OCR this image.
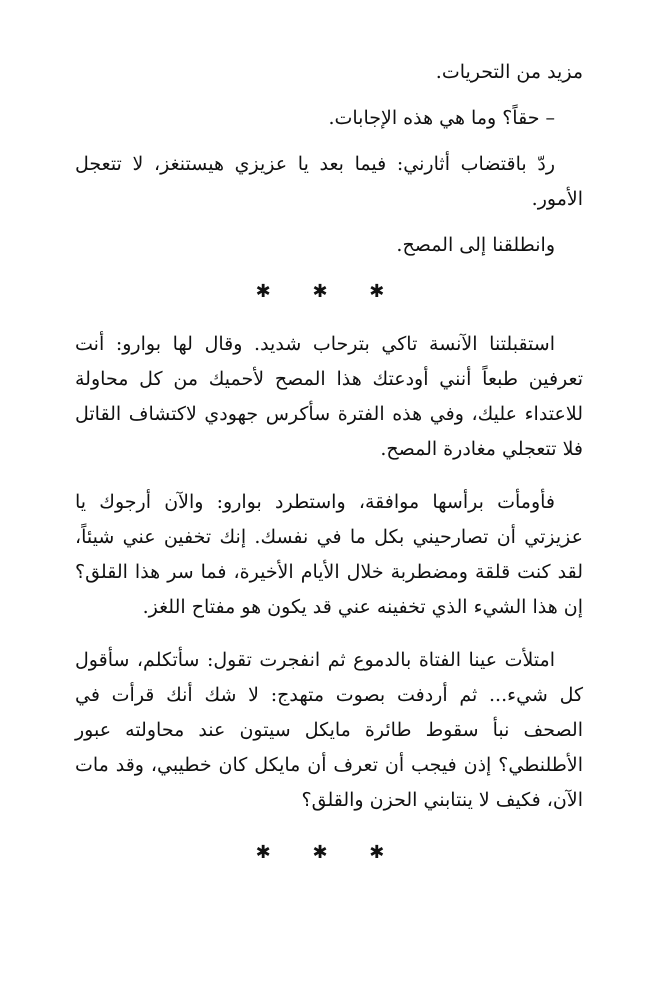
مزيد من التحريات.

– حقاً؟ وما هي هذه الإجابات.

ردّ باقتضاب أثارني: فيما بعد يا عزيزي هيستنغز، لا تتعجل الأمور.

وانطلقنا إلى المصح.

✱ ✱ ✱

استقبلتنا الآنسة تاكي بترحاب شديد. وقال لها بوارو: أنت تعرفين طبعاً أنني أودعتك هذا المصح لأحميك من كل محاولة للاعتداء عليك، وفي هذه الفترة سأكرس جهودي لاكتشاف القاتل فلا تتعجلي مغادرة المصح.

فأومأت برأسها موافقة، واستطرد بوارو: والآن أرجوك يا عزيزتي أن تصارحيني بكل ما في نفسك. إنك تخفين عني شيئاً، لقد كنت قلقة ومضطربة خلال الأيام الأخيرة، فما سر هذا القلق؟ إن هذا الشيء الذي تخفينه عني قد يكون هو مفتاح اللغز.

امتلأت عينا الفتاة بالدموع ثم انفجرت تقول: سأتكلم، سأقول كل شيء... ثم أردفت بصوت متهدج: لا شك أنك قرأت في الصحف نبأ سقوط طائرة مايكل سيتون عند محاولته عبور الأطلنطي؟ إذن فيجب أن تعرف أن مايكل كان خطيبي، وقد مات الآن، فكيف لا ينتابني الحزن والقلق؟

✱ ✱ ✱
